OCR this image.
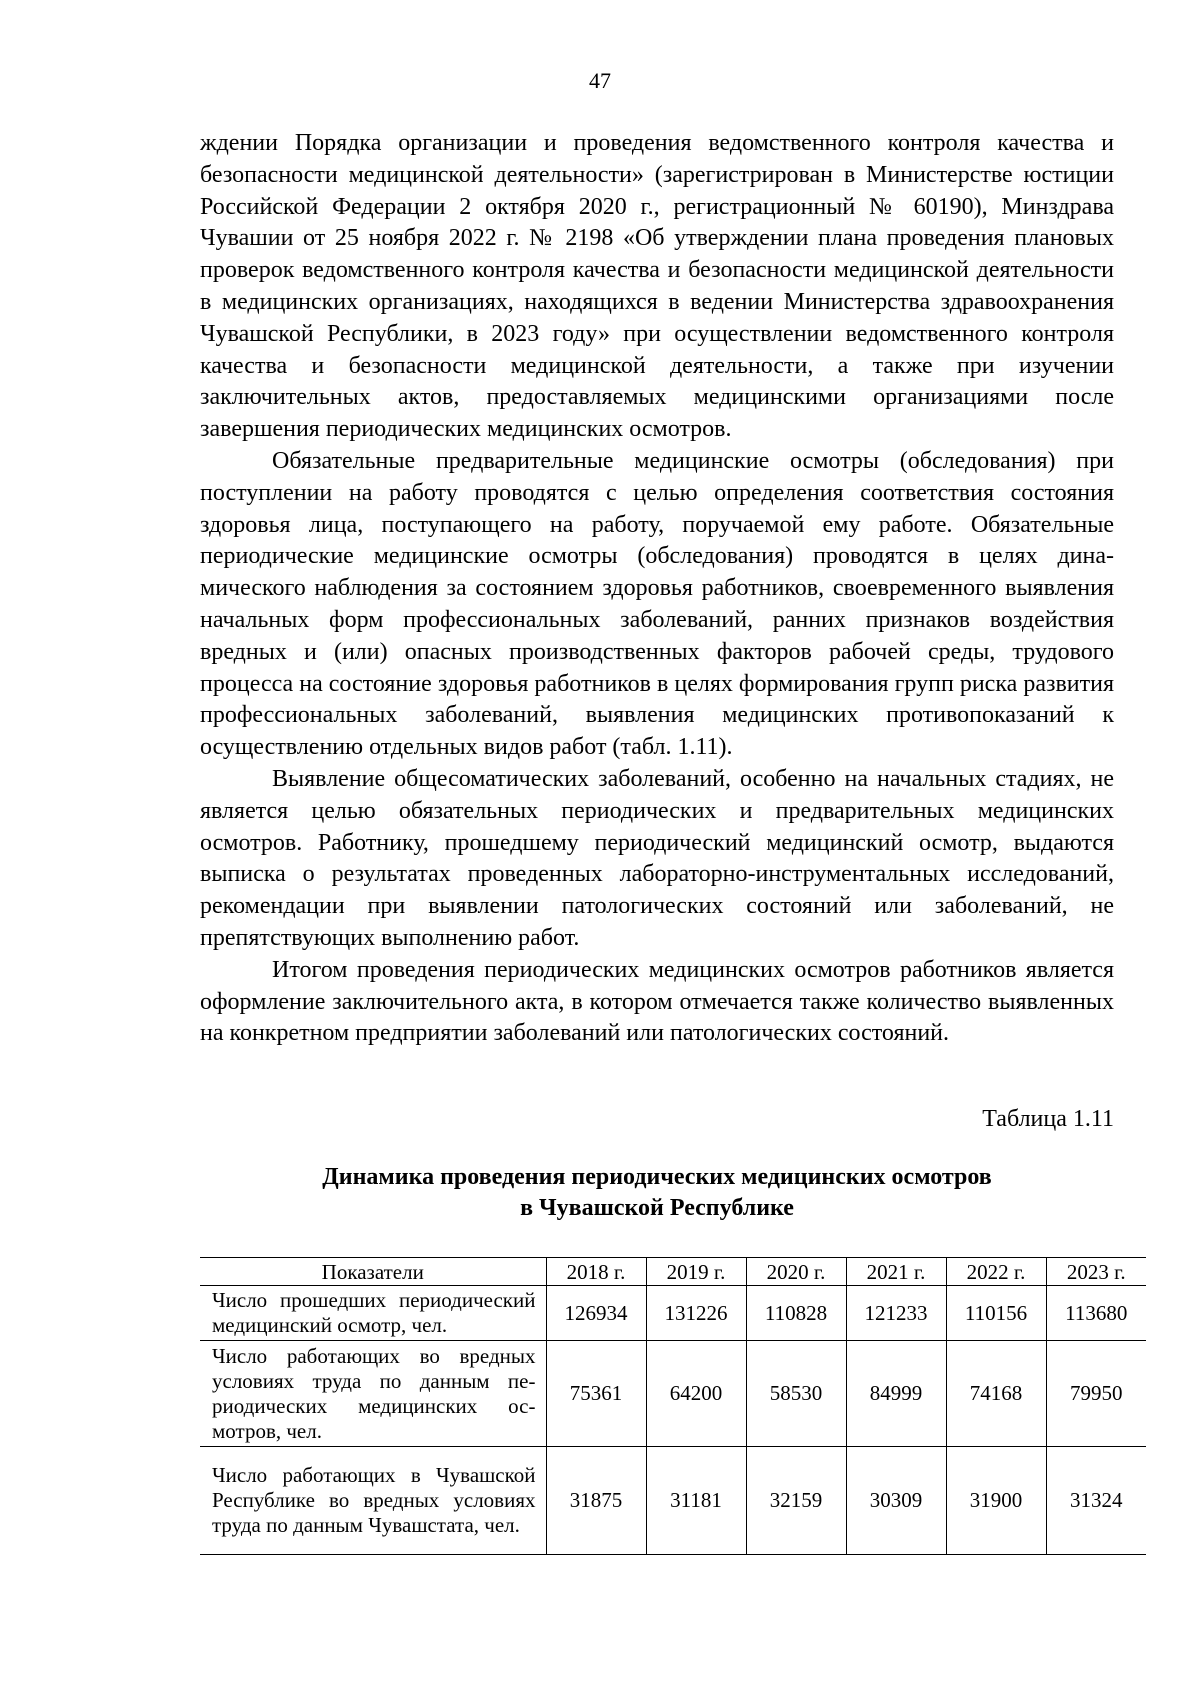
47

ждении Порядка организации и проведения ведомственного контроля качества и безопасности медицинской деятельности» (зарегистрирован в Министерстве юстиции Российской Федерации 2 октября 2020 г., регистрационный № 60190), Минздрава Чувашии от 25 ноября 2022 г. № 2198 «Об утверждении плана проведения плановых проверок ведомственного контроля качества и безопасности медицинской деятельности в медицинских организациях, находящихся в ведении Министерства здравоохранения Чувашской Республики, в 2023 году» при осуществлении ведомственного контроля качества и безопасности медицинской деятельности, а также при изучении заключительных актов, предоставляемых медицинскими организациями после завершения периодических медицинских осмотров.

Обязательные предварительные медицинские осмотры (обследования) при поступлении на работу проводятся с целью определения соответствия состояния здоровья лица, поступающего на работу, поручаемой ему работе. Обязательные периодические медицинские осмотры (обследования) проводятся в целях динамического наблюдения за состоянием здоровья работников, своевременного выявления начальных форм профессиональных заболеваний, ранних признаков воздействия вредных и (или) опасных производственных факторов рабочей среды, трудового процесса на состояние здоровья работников в целях формирования групп риска развития профессиональных заболеваний, выявления медицинских противопоказаний к осуществлению отдельных видов работ (табл. 1.11).

Выявление общесоматических заболеваний, особенно на начальных стадиях, не является целью обязательных периодических и предварительных медицинских осмотров. Работнику, прошедшему периодический медицинский осмотр, выдаются выписка о результатах проведенных лабораторно-инструментальных исследований, рекомендации при выявлении патологических состояний или заболеваний, не препятствующих выполнению работ.

Итогом проведения периодических медицинских осмотров работников является оформление заключительного акта, в котором отмечается также количество выявленных на конкретном предприятии заболеваний или патологических состояний.

Таблица 1.11
Динамика проведения периодических медицинских осмотров
в Чувашской Республике
Показатели	2018 г.	2019 г.	2020 г.	2021 г.	2022 г.	2023 г.
Число прошедших периодический медицинский осмотр, чел.	126934	131226	110828	121233	110156	113680
Число работающих во вредных условиях труда по данным периодических медицинских осмотров, чел.	75361	64200	58530	84999	74168	79950
Число работающих в Чувашской Республике во вредных условиях труда по данным Чувашстата, чел.	31875	31181	32159	30309	31900	31324
